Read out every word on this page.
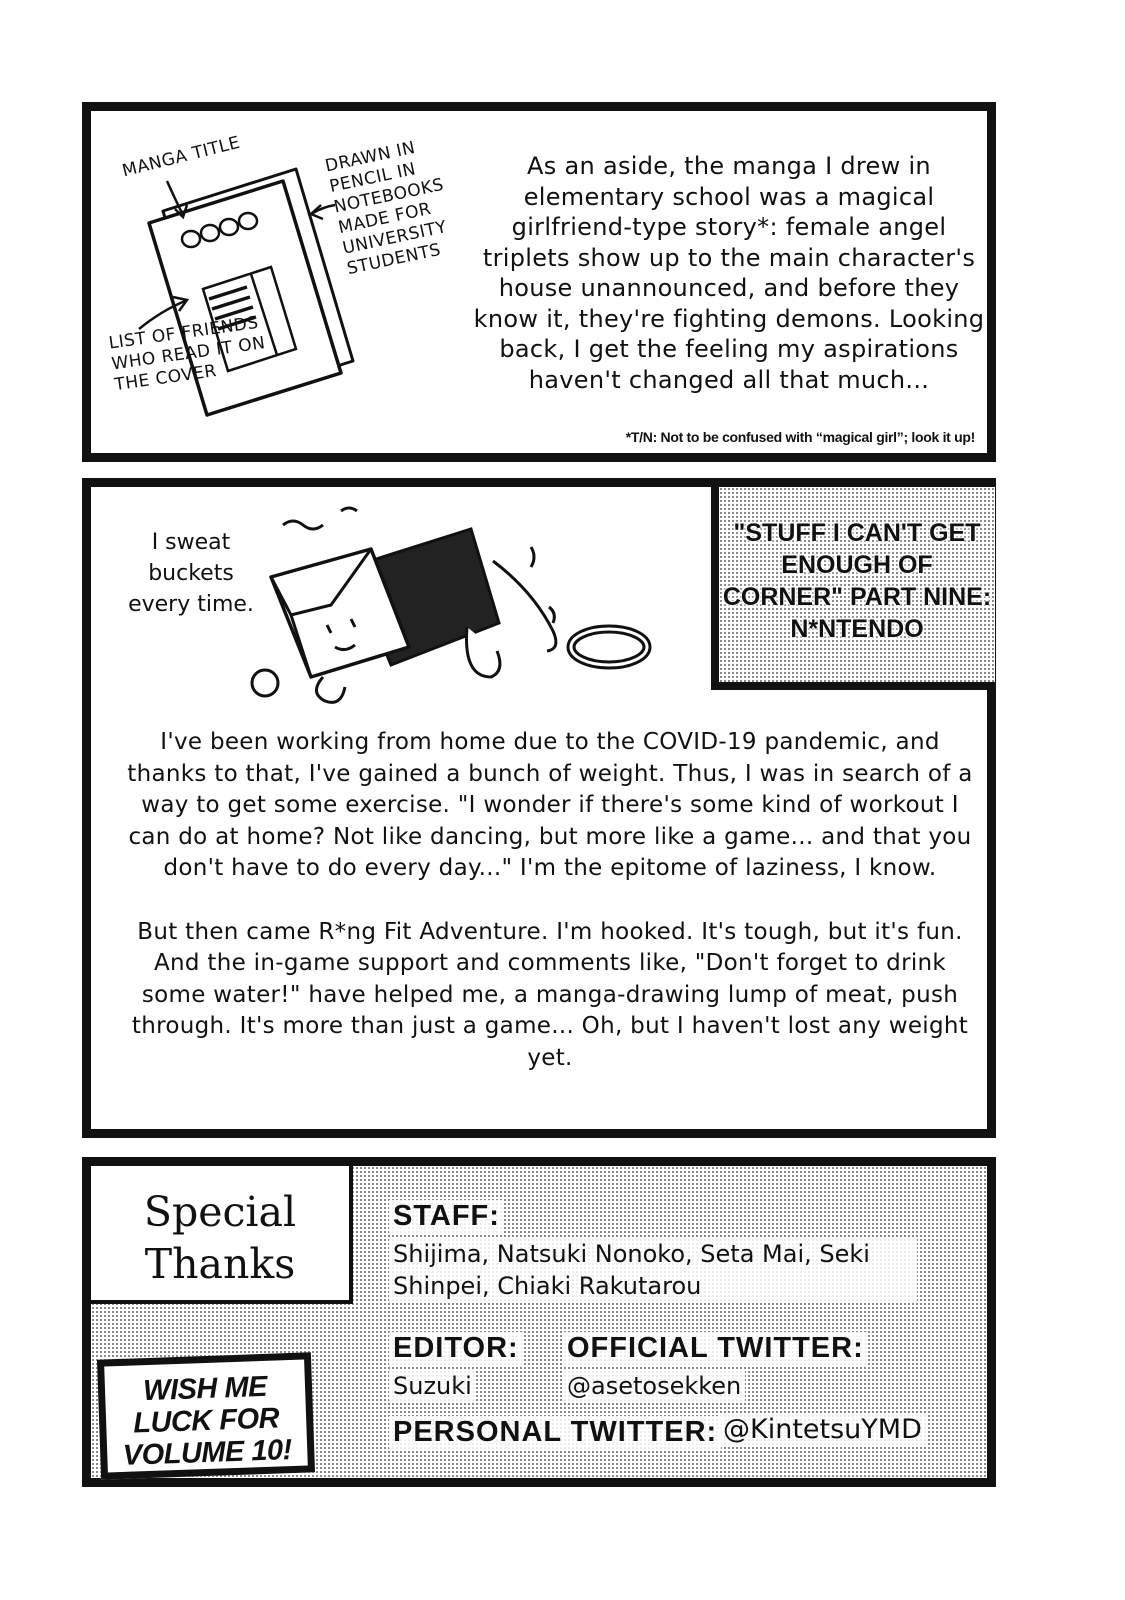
MANGA TITLE	DRAWN IN PENCIL IN NOTEBOOKS MADE FOR UNIVERSITY STUDENTS
LIST OF FRIENDS WHO READ IT ON THE COVER
As an aside, the manga I drew in elementary school was a magical girlfriend-type story*: female angel triplets show up to the main character's house unannounced, and before they know it, they're fighting demons. Looking back, I get the feeling my aspirations haven't changed all that much...
*T/N: Not to be confused with “magical girl”; look it up!
I sweat buckets every time.
"STUFF I CAN'T GET ENOUGH OF CORNER" PART NINE: N*NTENDO

I've been working from home due to the COVID-19 pandemic, and thanks to that, I've gained a bunch of weight. Thus, I was in search of a way to get some exercise. "I wonder if there's some kind of workout I can do at home? Not like dancing, but more like a game... and that you don't have to do every day..." I'm the epitome of laziness, I know.

But then came R*ng Fit Adventure. I'm hooked. It's tough, but it's fun. And the in-game support and comments like, "Don't forget to drink some water!" have helped me, a manga-drawing lump of meat, push through. It's more than just a game... Oh, but I haven't lost any weight yet.

Special Thanks
WISH ME LUCK FOR VOLUME 10!
STAFF:
Shijima, Natsuki Nonoko, Seta Mai, Seki Shinpei, Chiaki Rakutarou
EDITOR:
Suzuki
OFFICIAL TWITTER:
@asetosekken
PERSONAL TWITTER: @KintetsuYMD
